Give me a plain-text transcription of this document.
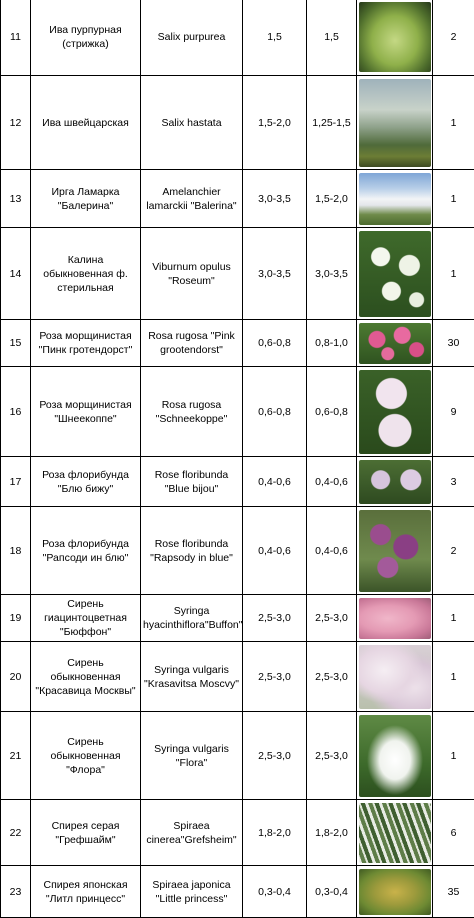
11	Ива пурпурная (стрижка)	Salix purpurea	1,5	1,5		2
12	Ива швейцарская	Salix hastata	1,5-2,0	1,25-1,5		1
13	Ирга Ламарка "Балерина"	Amelanchier lamarckii "Balerina"	3,0-3,5	1,5-2,0		1
14	Калина обыкновенная ф. стерильная	Viburnum opulus "Roseum"	3,0-3,5	3,0-3,5		1
15	Роза морщинистая "Пинк гротендорст"	Rosa rugosa "Pink grootendorst"	0,6-0,8	0,8-1,0		30
16	Роза морщинистая "Шнеекоппе"	Rosa rugosa "Schneekoppe"	0,6-0,8	0,6-0,8		9
17	Роза флорибунда "Блю бижу"	Rose floribunda "Blue bijou"	0,4-0,6	0,4-0,6		3
18	Роза флорибунда "Рапсоди ин блю"	Rose floribunda "Rapsody in blue"	0,4-0,6	0,4-0,6		2
19	Сирень гиацинтоцветная "Бюффон"	Syringa hyacinthiflora"Buffon"	2,5-3,0	2,5-3,0		1
20	Сирень обыкновенная "Красавица Москвы"	Syringa vulgaris "Krasavitsa Moscvy"	2,5-3,0	2,5-3,0		1
21	Сирень обыкновенная "Флора"	Syringa vulgaris "Flora"	2,5-3,0	2,5-3,0		1
22	Спирея серая "Грефшайм"	Spiraea cinerea"Grefsheim"	1,8-2,0	1,8-2,0		6
23	Спирея японская "Литл принцесс"	Spiraea japonica "Little princess"	0,3-0,4	0,3-0,4		35
